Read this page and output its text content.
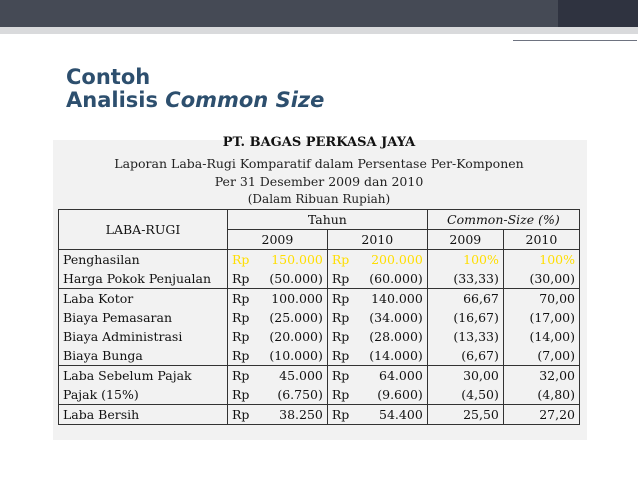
Contoh
Analisis Common Size
PT. BAGAS PERKASA JAYA
Laporan Laba-Rugi Komparatif dalam Persentase Per-Komponen
Per 31 Desember 2009 dan 2010
(Dalam Ribuan Rupiah)
LABA-RUGI	Tahun		Common-Size (%)	
	2009	2010	2009	2010
Penghasilan	Rp 150.000	Rp 200.000	100%	100%
Harga Pokok Penjualan	Rp (50.000)	Rp (60.000)	(33,33)	(30,00)
Laba Kotor	Rp 100.000	Rp 140.000	66,67	70,00
Biaya Pemasaran	Rp (25.000)	Rp (34.000)	(16,67)	(17,00)
Biaya Administrasi	Rp (20.000)	Rp (28.000)	(13,33)	(14,00)
Biaya Bunga	Rp (10.000)	Rp (14.000)	(6,67)	(7,00)
Laba Sebelum Pajak	Rp 45.000	Rp 64.000	30,00	32,00
Pajak (15%)	Rp (6.750)	Rp (9.600)	(4,50)	(4,80)
Laba Bersih	Rp 38.250	Rp 54.400	25,50	27,20
